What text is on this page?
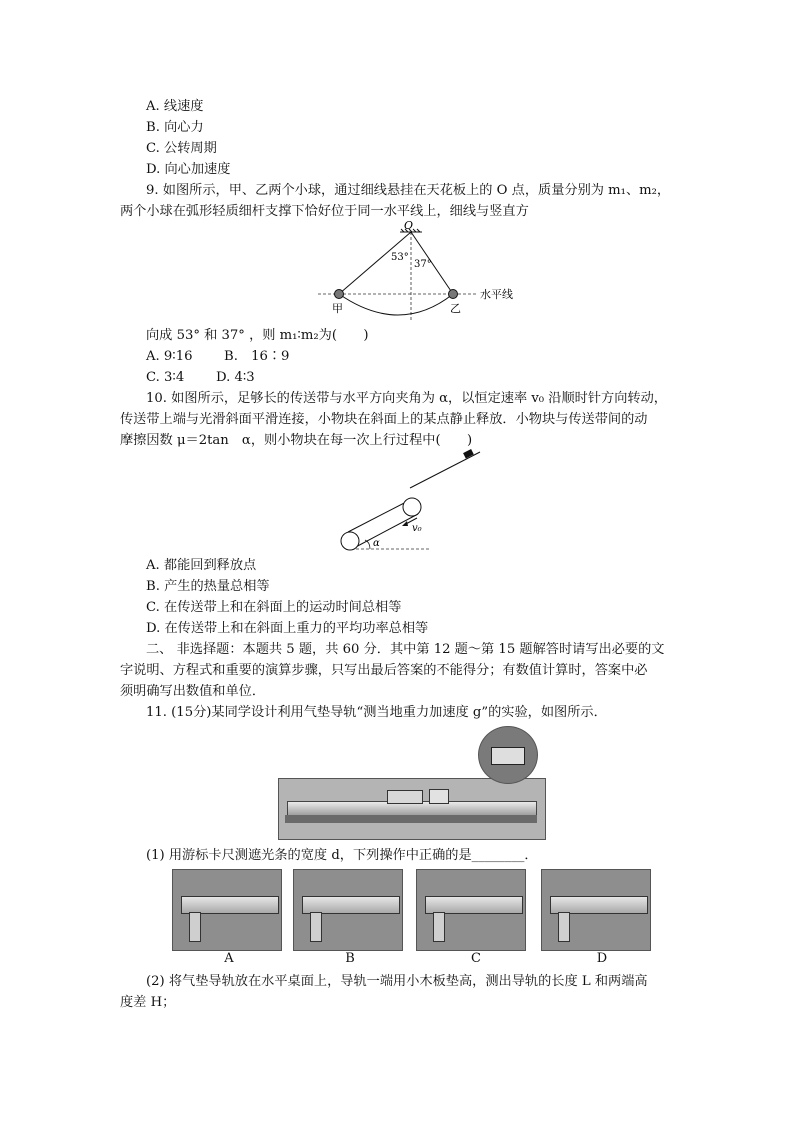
A. 线速度
B. 向心力
C. 公转周期
D. 向心加速度
9. 如图所示，甲、乙两个小球，通过细线悬挂在天花板上的 O 点，质量分别为 m₁、m₂，
两个小球在弧形轻质细杆支撑下恰好位于同一水平线上，细线与竖直方
O
53°
37°
水平线
甲	乙
向成 53° 和 37° ，则 m₁∶m₂为(　　)
A. 9∶16 B.　16∶9
C. 3∶4 D. 4∶3
10. 如图所示，足够长的传送带与水平方向夹角为 α，以恒定速率 v₀ 沿顺时针方向转动，
传送带上端与光滑斜面平滑连接，小物块在斜面上的某点静止释放．小物块与传送带间的动
摩擦因数 μ＝2tan　α，则小物块在每一次上行过程中(　　)
v₀
α
A. 都能回到释放点
B. 产生的热量总相等
C. 在传送带上和在斜面上的运动时间总相等
D. 在传送带上和在斜面上重力的平均功率总相等
二、 非选择题：本题共 5 题，共 60 分．其中第 12 题～第 15 题解答时请写出必要的文
字说明、方程式和重要的演算步骤，只写出最后答案的不能得分；有数值计算时，答案中必
须明确写出数值和单位．
11. (15分)某同学设计利用气垫导轨“测当地重力加速度 g”的实验，如图所示．
(1) 用游标卡尺测遮光条的宽度 d，下列操作中正确的是________．
A	B	C	D
(2) 将气垫导轨放在水平桌面上，导轨一端用小木板垫高，测出导轨的长度 L 和两端高
度差 H；
